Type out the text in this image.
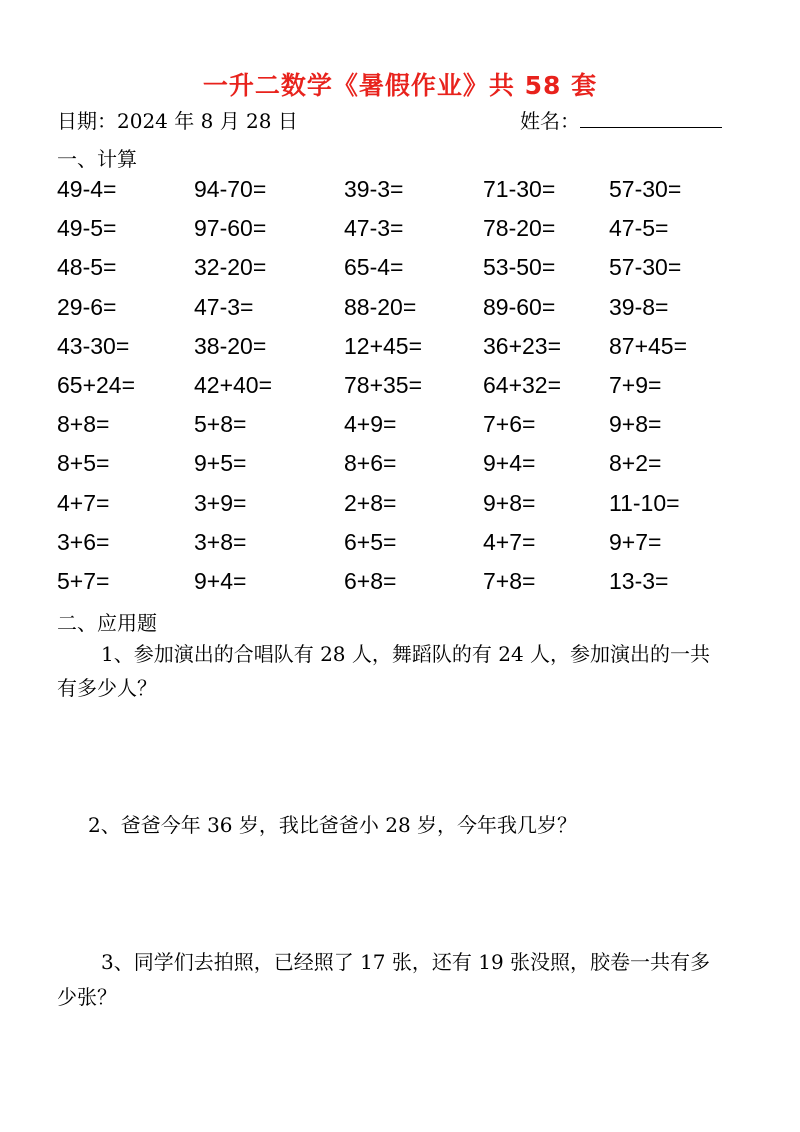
一升二数学《暑假作业》共 58 套
日期：2024 年 8 月 28 日	姓名：
一、计算
49-4=	94-70=	39-3=	71-30= 57-30=
49-5=	97-60=	47-3=	78-20= 47-5=
48-5=	32-20=	65-4=	53-50= 57-30=
29-6=	47-3=	88-20=	89-60= 39-8=
43-30=	38-20=	12+45=	36+23= 87+45=
65+24=	42+40=	78+35=	64+32= 7+9=
8+8=	5+8=	4+9=	7+6=	9+8=
8+5=	9+5=	8+6=	9+4=	8+2=
4+7=	3+9=	2+8=	9+8=	11-10=
3+6=	3+8=	6+5=	4+7=	9+7=
5+7=	9+4=	6+8=	7+8=	13-3=
二、应用题
1、参加演出的合唱队有 28 人，舞蹈队的有 24 人，参加演出的一共
有多少人？
2、爸爸今年 36 岁，我比爸爸小 28 岁，今年我几岁？
3、同学们去拍照，已经照了 17 张，还有 19 张没照，胶卷一共有多
少张？
